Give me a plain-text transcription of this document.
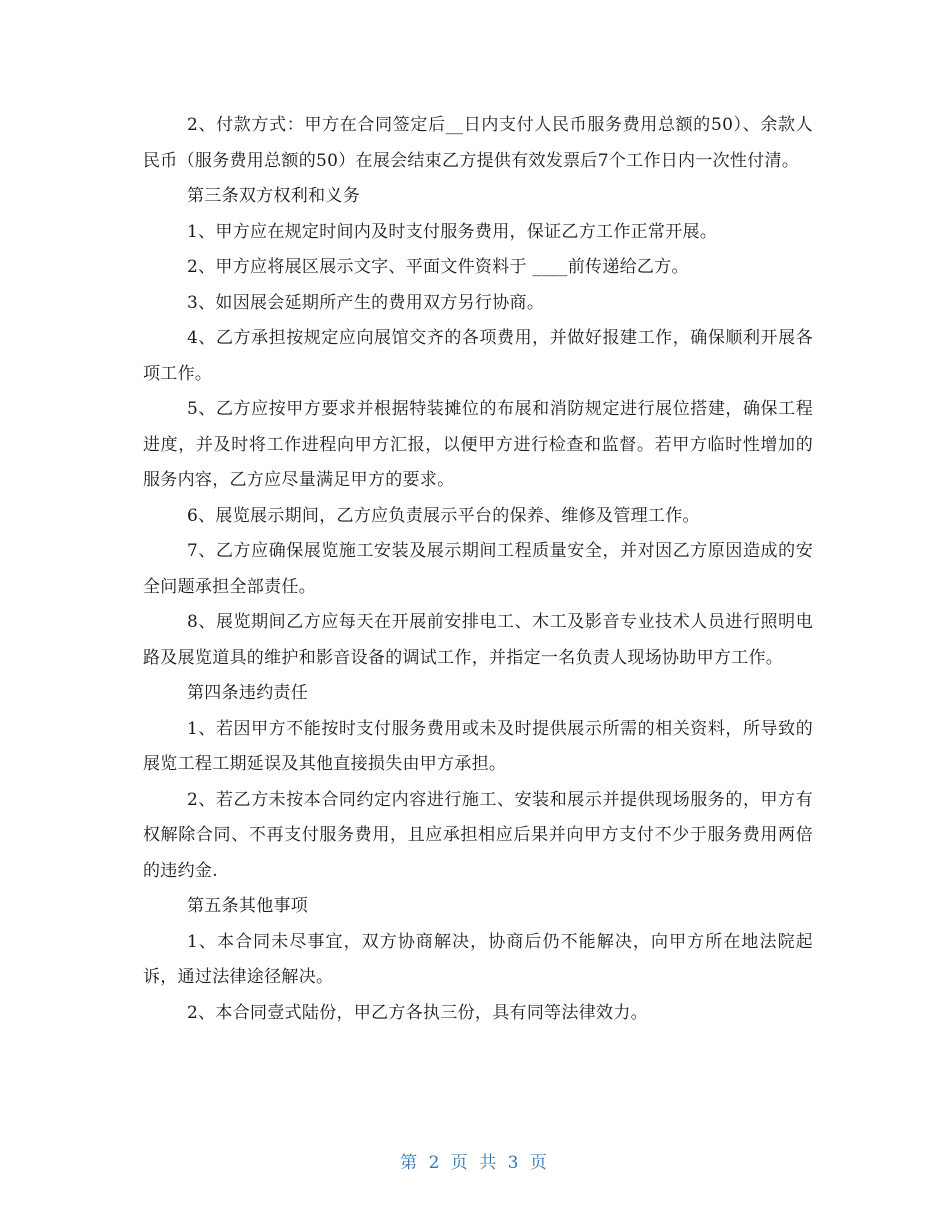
2、付款方式：甲方在合同签定后__日内支付人民币服务费用总额的50）、余款人民币（服务费用总额的50）在展会结束乙方提供有效发票后7个工作日内一次性付清。

第三条双方权利和义务

1、甲方应在规定时间内及时支付服务费用，保证乙方工作正常开展。

2、甲方应将展区展示文字、平面文件资料于 ____前传递给乙方。

3、如因展会延期所产生的费用双方另行协商。

4、乙方承担按规定应向展馆交齐的各项费用，并做好报建工作，确保顺利开展各项工作。

5、乙方应按甲方要求并根据特装摊位的布展和消防规定进行展位搭建，确保工程进度，并及时将工作进程向甲方汇报，以便甲方进行检查和监督。若甲方临时性增加的服务内容，乙方应尽量满足甲方的要求。

6、展览展示期间，乙方应负责展示平台的保养、维修及管理工作。

7、乙方应确保展览施工安装及展示期间工程质量安全，并对因乙方原因造成的安全问题承担全部责任。

8、展览期间乙方应每天在开展前安排电工、木工及影音专业技术人员进行照明电路及展览道具的维护和影音设备的调试工作，并指定一名负责人现场协助甲方工作。

第四条违约责任

1、若因甲方不能按时支付服务费用或未及时提供展示所需的相关资料，所导致的展览工程工期延误及其他直接损失由甲方承担。

2、若乙方未按本合同约定内容进行施工、安装和展示并提供现场服务的，甲方有权解除合同、不再支付服务费用，且应承担相应后果并向甲方支付不少于服务费用两倍的违约金.

第五条其他事项

1、本合同未尽事宜，双方协商解决，协商后仍不能解决，向甲方所在地法院起诉，通过法律途径解决。

2、本合同壹式陆份，甲乙方各执三份，具有同等法律效力。

第 2 页 共 3 页
